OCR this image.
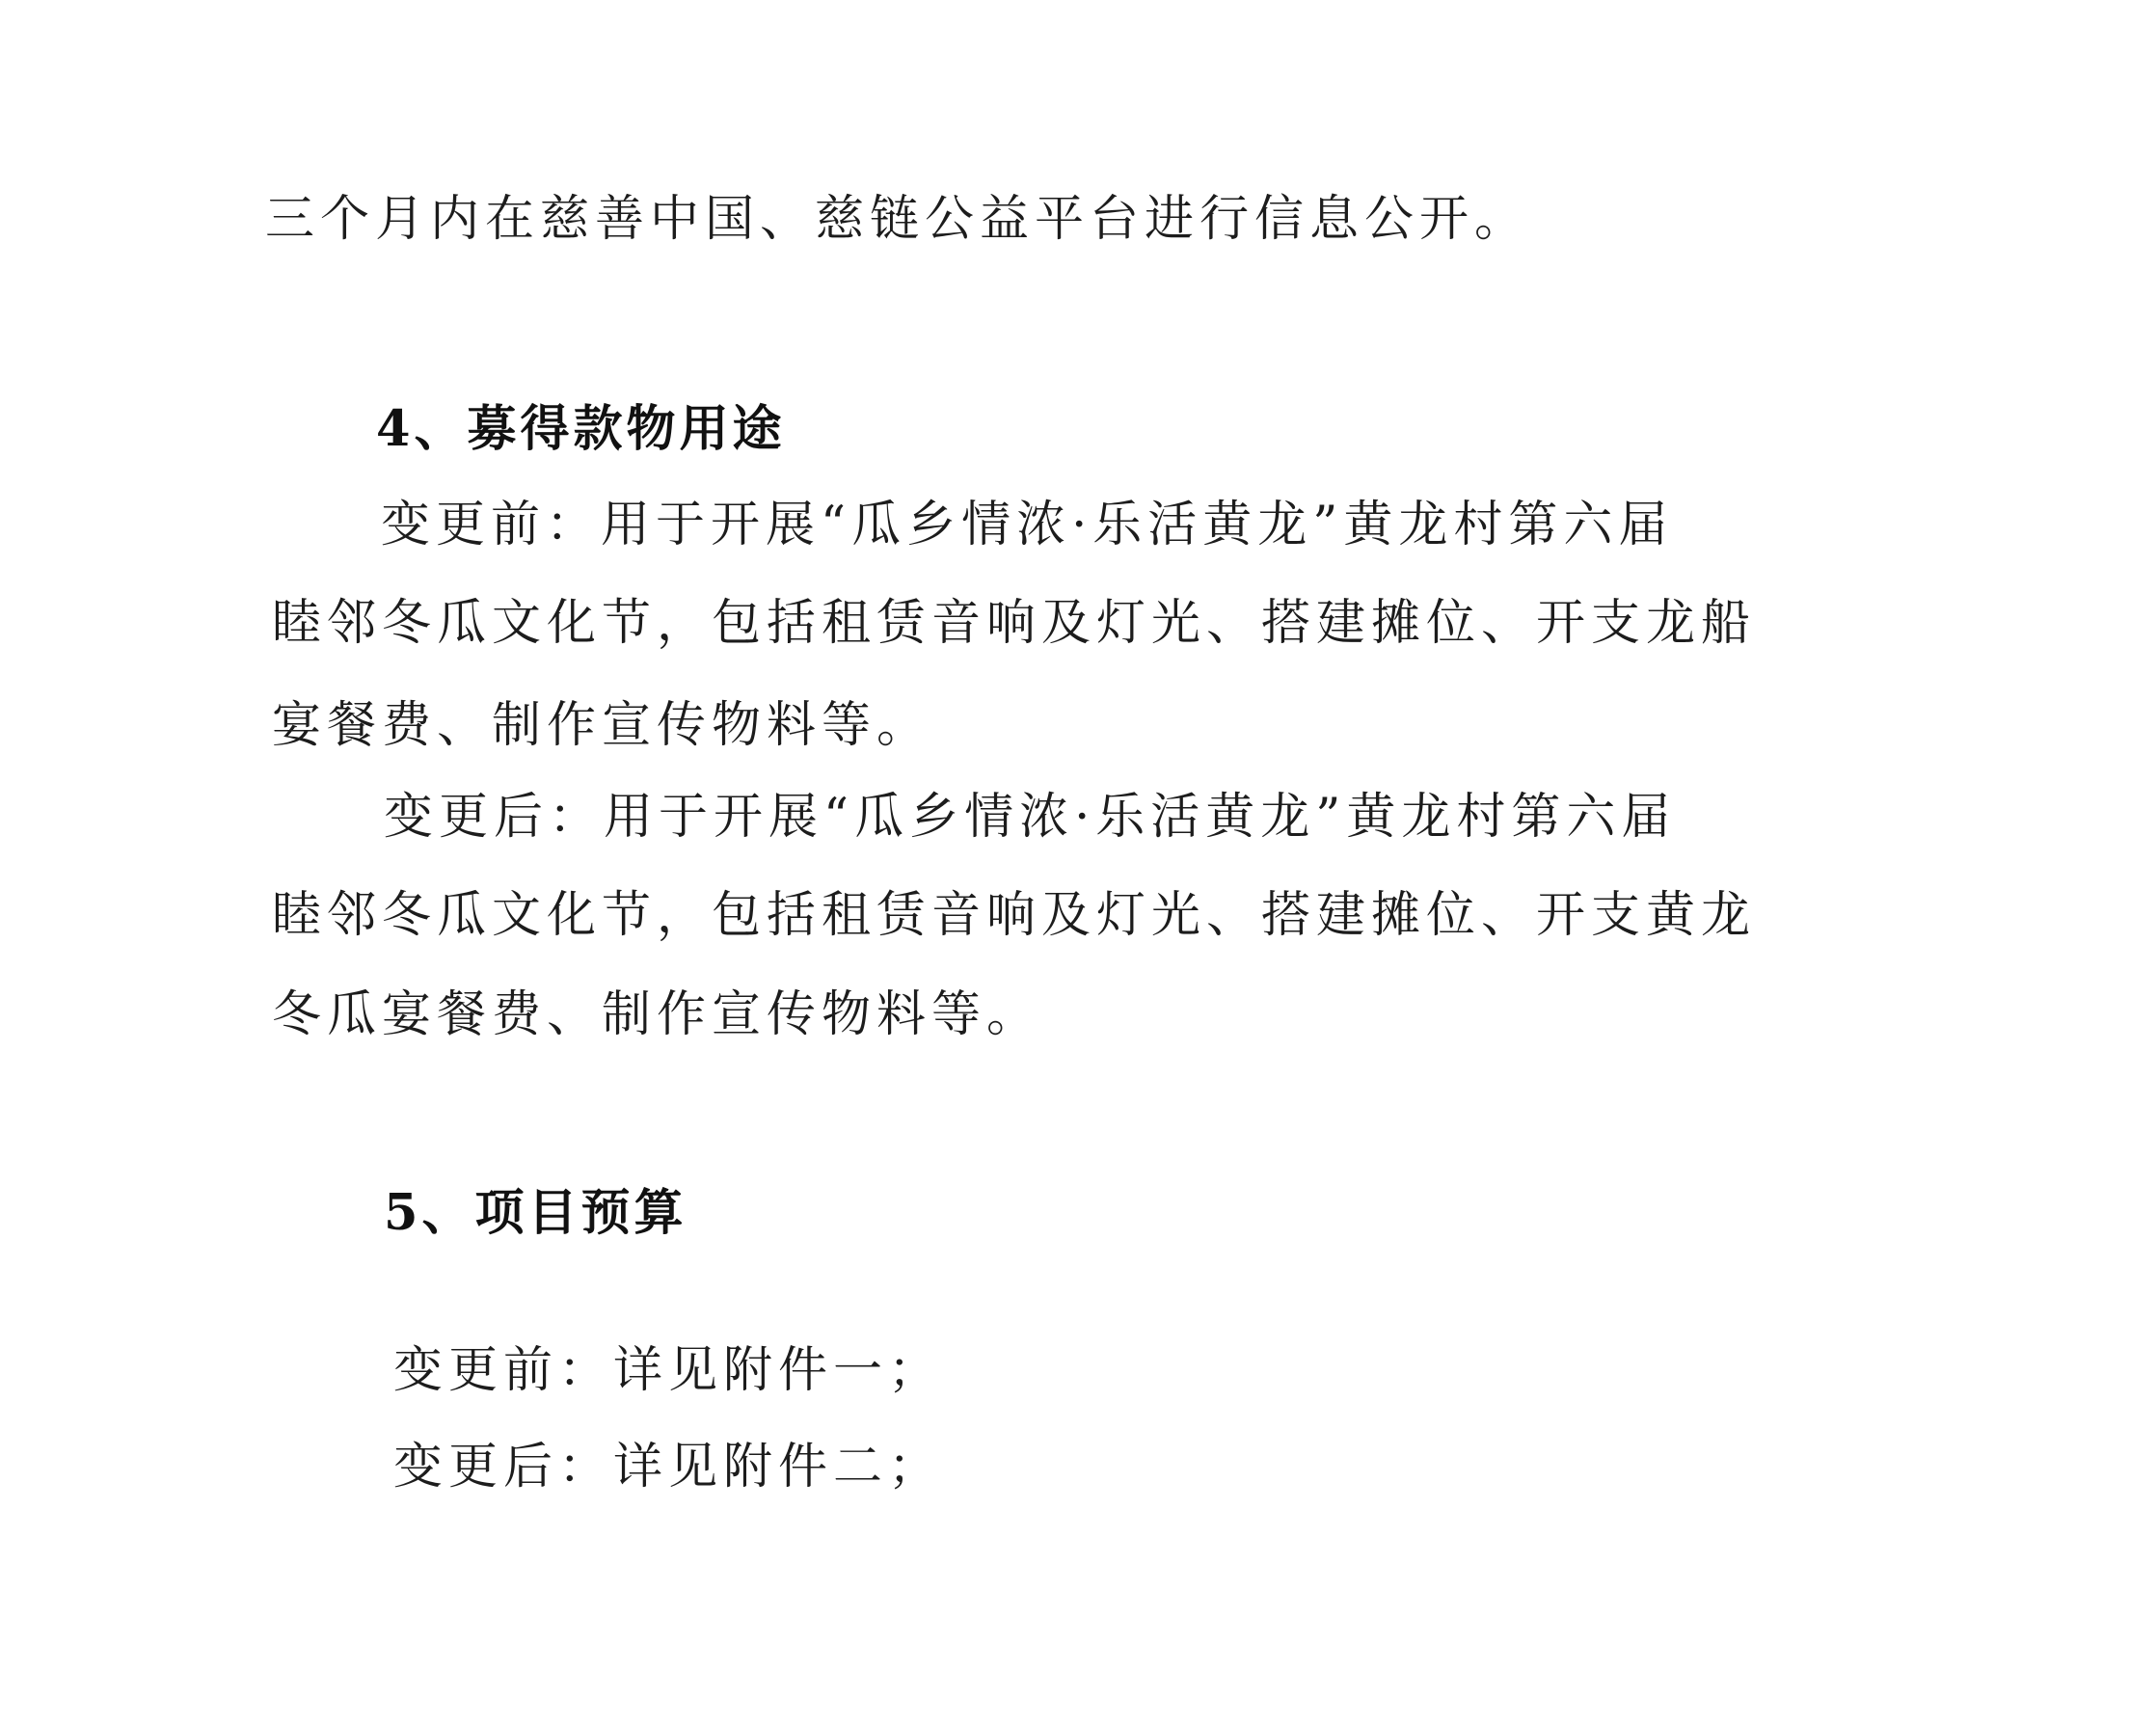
三个月内在慈善中国、慈链公益平台进行信息公开。
4、募得款物用途
变更前：用于开展“瓜乡情浓·乐活黄龙”黄龙村第六届
睦邻冬瓜文化节，包括租赁音响及灯光、搭建摊位、开支龙船
宴餐费、制作宣传物料等。
变更后：用于开展“瓜乡情浓·乐活黄龙”黄龙村第六届
睦邻冬瓜文化节，包括租赁音响及灯光、搭建摊位、开支黄龙
冬瓜宴餐费、制作宣传物料等。
5、项目预算
变更前：详见附件一；
变更后：详见附件二；
